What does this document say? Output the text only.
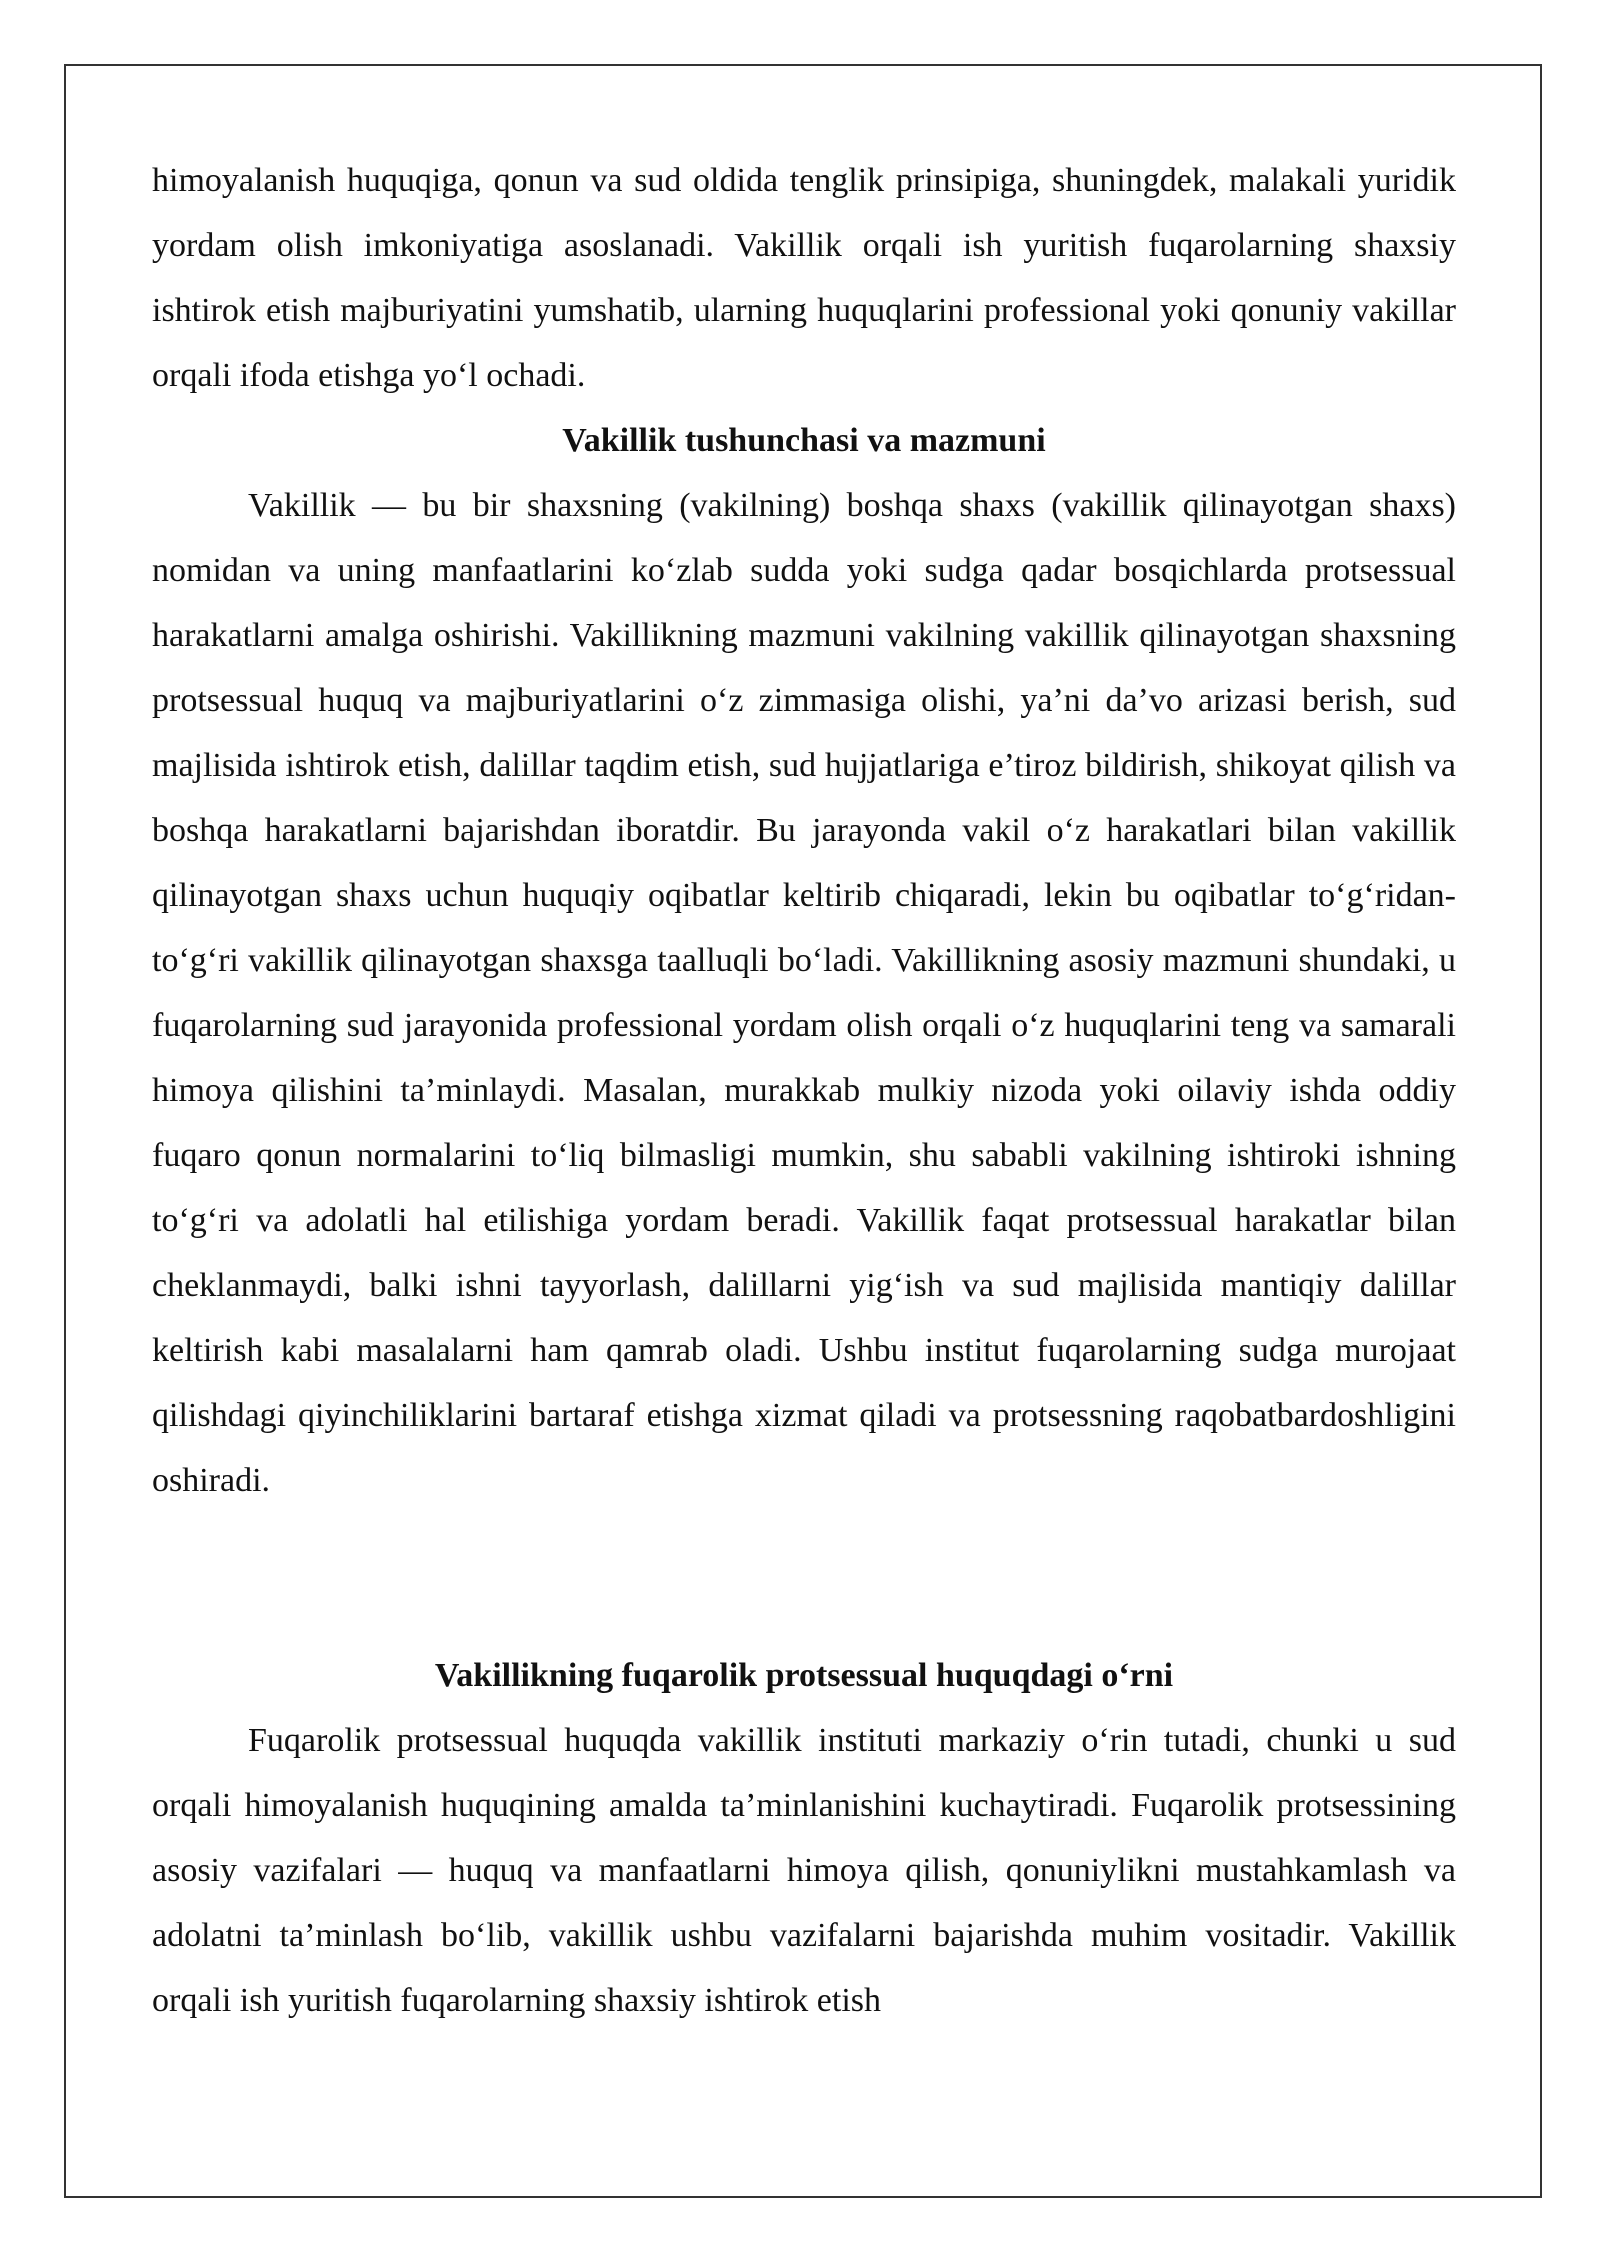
himoyalanish huquqiga, qonun va sud oldida tenglik prinsipiga, shuningdek, malakali yuridik yordam olish imkoniyatiga asoslanadi. Vakillik orqali ish yuritish fuqarolarning shaxsiy ishtirok etish majburiyatini yumshatib, ularning huquqlarini professional yoki qonuniy vakillar orqali ifoda etishga yo‘l ochadi.

Vakillik tushunchasi va mazmuni

Vakillik — bu bir shaxsning (vakilning) boshqa shaxs (vakillik qilinayotgan shaxs) nomidan va uning manfaatlarini ko‘zlab sudda yoki sudga qadar bosqichlarda protsessual harakatlarni amalga oshirishi. Vakillikning mazmuni vakilning vakillik qilinayotgan shaxsning protsessual huquq va majburiyatlarini o‘z zimmasiga olishi, ya’ni da’vo arizasi berish, sud majlisida ishtirok etish, dalillar taqdim etish, sud hujjatlariga e’tiroz bildirish, shikoyat qilish va boshqa harakatlarni bajarishdan iboratdir. Bu jarayonda vakil o‘z harakatlari bilan vakillik qilinayotgan shaxs uchun huquqiy oqibatlar keltirib chiqaradi, lekin bu oqibatlar to‘g‘ridan-to‘g‘ri vakillik qilinayotgan shaxsga taalluqli bo‘ladi. Vakillikning asosiy mazmuni shundaki, u fuqarolarning sud jarayonida professional yordam olish orqali o‘z huquqlarini teng va samarali himoya qilishini ta’minlaydi. Masalan, murakkab mulkiy nizoda yoki oilaviy ishda oddiy fuqaro qonun normalarini to‘liq bilmasligi mumkin, shu sababli vakilning ishtiroki ishning to‘g‘ri va adolatli hal etilishiga yordam beradi. Vakillik faqat protsessual harakatlar bilan cheklanmaydi, balki ishni tayyorlash, dalillarni yig‘ish va sud majlisida mantiqiy dalillar keltirish kabi masalalarni ham qamrab oladi. Ushbu institut fuqarolarning sudga murojaat qilishdagi qiyinchiliklarini bartaraf etishga xizmat qiladi va protsessning raqobatbardoshligini oshiradi.

Vakillikning fuqarolik protsessual huquqdagi o‘rni

Fuqarolik protsessual huquqda vakillik instituti markaziy o‘rin tutadi, chunki u sud orqali himoyalanish huquqining amalda ta’minlanishini kuchaytiradi. Fuqarolik protsessining asosiy vazifalari — huquq va manfaatlarni himoya qilish, qonuniylikni mustahkamlash va adolatni ta’minlash bo‘lib, vakillik ushbu vazifalarni bajarishda muhim vositadir. Vakillik orqali ish yuritish fuqarolarning shaxsiy ishtirok etish
